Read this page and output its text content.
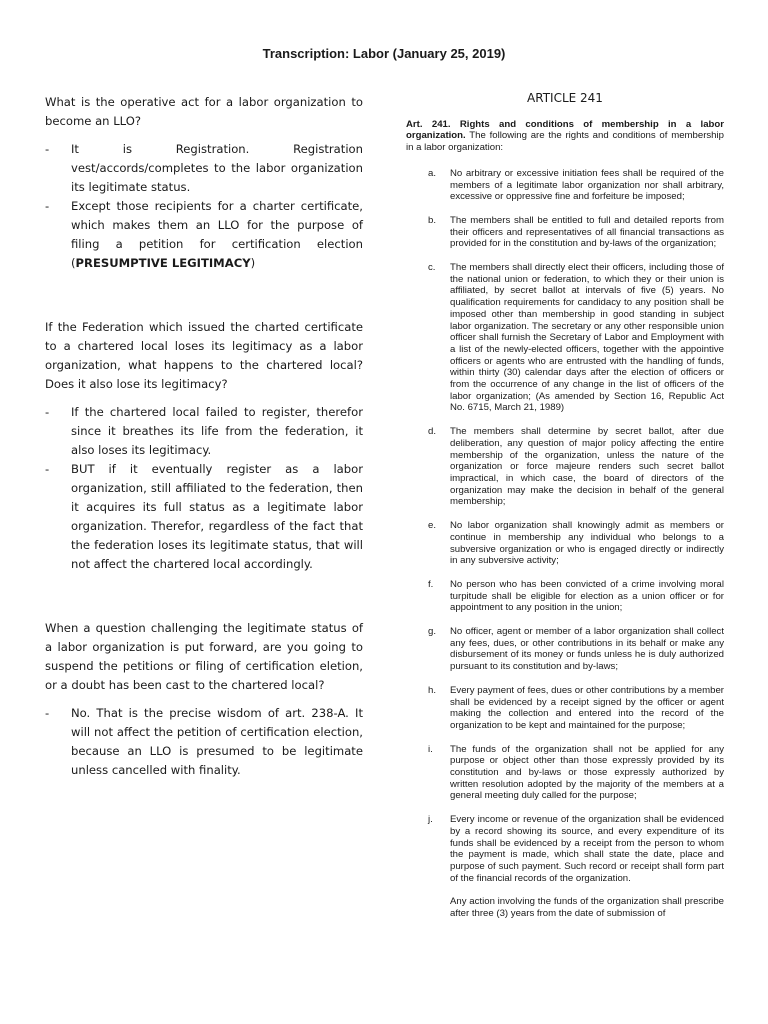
Transcription: Labor (January 25, 2019)

What is the operative act for a labor organization to become an LLO?

- It is Registration. Registration vest/accords/completes to the labor organization its legitimate status.
- Except those recipients for a charter certificate, which makes them an LLO for the purpose of filing a petition for certification election (PRESUMPTIVE LEGITIMACY)

If the Federation which issued the charted certificate to a chartered local loses its legitimacy as a labor organization, what happens to the chartered local? Does it also lose its legitimacy?

- If the chartered local failed to register, therefor since it breathes its life from the federation, it also loses its legitimacy.
- BUT if it eventually register as a labor organization, still affiliated to the federation, then it acquires its full status as a legitimate labor organization. Therefor, regardless of the fact that the federation loses its legitimate status, that will not affect the chartered local accordingly.

When a question challenging the legitimate status of a labor organization is put forward, are you going to suspend the petitions or filing of certification eletion, or a doubt has been cast to the chartered local?

- No. That is the precise wisdom of art. 238-A. It will not affect the petition of certification election, because an LLO is presumed to be legitimate unless cancelled with finality.
ARTICLE 241
Art. 241. Rights and conditions of membership in a labor organization. The following are the rights and conditions of membership in a labor organization:
a. No arbitrary or excessive initiation fees shall be required of the members of a legitimate labor organization nor shall arbitrary, excessive or oppressive fine and forfeiture be imposed;
b. The members shall be entitled to full and detailed reports from their officers and representatives of all financial transactions as provided for in the constitution and by-laws of the organization;
c. The members shall directly elect their officers, including those of the national union or federation, to which they or their union is affiliated, by secret ballot at intervals of five (5) years. No qualification requirements for candidacy to any position shall be imposed other than membership in good standing in subject labor organization. The secretary or any other responsible union officer shall furnish the Secretary of Labor and Employment with a list of the newly-elected officers, together with the appointive officers or agents who are entrusted with the handling of funds, within thirty (30) calendar days after the election of officers or from the occurrence of any change in the list of officers of the labor organization; (As amended by Section 16, Republic Act No. 6715, March 21, 1989)
d. The members shall determine by secret ballot, after due deliberation, any question of major policy affecting the entire membership of the organization, unless the nature of the organization or force majeure renders such secret ballot impractical, in which case, the board of directors of the organization may make the decision in behalf of the general membership;
e. No labor organization shall knowingly admit as members or continue in membership any individual who belongs to a subversive organization or who is engaged directly or indirectly in any subversive activity;
f. No person who has been convicted of a crime involving moral turpitude shall be eligible for election as a union officer or for appointment to any position in the union;
g. No officer, agent or member of a labor organization shall collect any fees, dues, or other contributions in its behalf or make any disbursement of its money or funds unless he is duly authorized pursuant to its constitution and by-laws;
h. Every payment of fees, dues or other contributions by a member shall be evidenced by a receipt signed by the officer or agent making the collection and entered into the record of the organization to be kept and maintained for the purpose;
i. The funds of the organization shall not be applied for any purpose or object other than those expressly provided by its constitution and by-laws or those expressly authorized by written resolution adopted by the majority of the members at a general meeting duly called for the purpose;
j. Every income or revenue of the organization shall be evidenced by a record showing its source, and every expenditure of its funds shall be evidenced by a receipt from the person to whom the payment is made, which shall state the date, place and purpose of such payment. Such record or receipt shall form part of the financial records of the organization.
Any action involving the funds of the organization shall prescribe after three (3) years from the date of submission of
